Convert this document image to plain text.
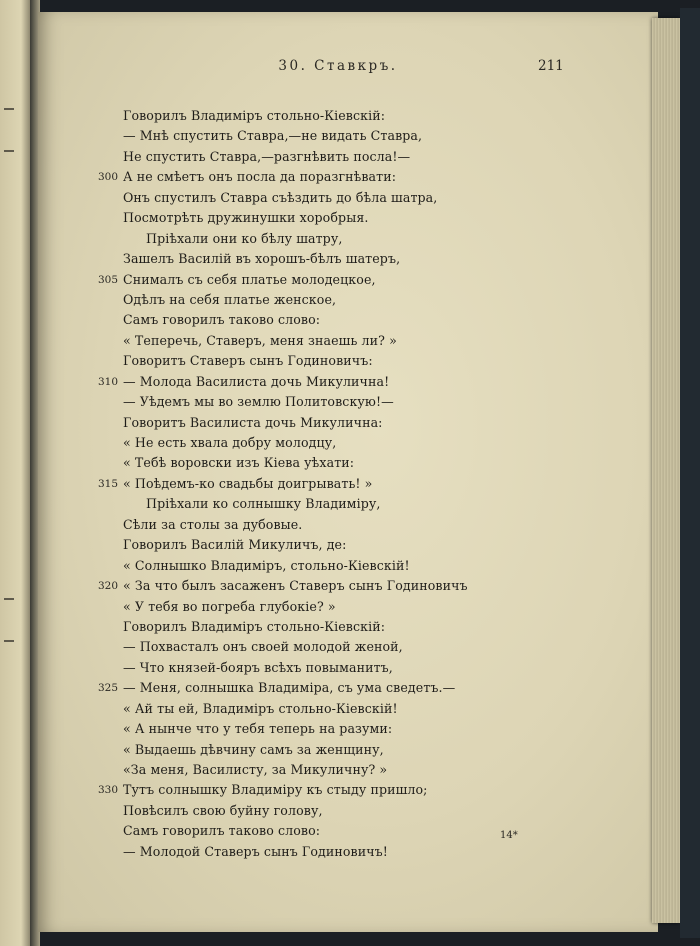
30. Ставкръ.	211
Говорилъ Владиміръ стольно-Кіевскій:
— Мнѣ спустить Ставра,—не видать Ставра,
Не спустить Ставра,—разгнѣвить посла!—
300 А не смѣетъ онъ посла да поразгнѣвати:
Онъ спустилъ Ставра съѣздить до бѣла шатра,
Посмотрѣть дружинушки хоробрыя.
Пріѣхали они ко бѣлу шатру,
Зашелъ Василій въ хорошъ-бѣлъ шатеръ,
305 Снималъ съ себя платье молодецкое,
Одѣлъ на себя платье женское,
Самъ говорилъ таково слово:
« Теперечь, Ставеръ, меня знаешь ли? »
Говоритъ Ставеръ сынъ Годиновичъ:
310 — Молода Василиста дочь Микулична!
— Уѣдемъ мы во землю Политовскую!—
Говоритъ Василиста дочь Микулична:
« Не есть хвала добру молодцу,
« Тебѣ воровски изъ Кіева уѣхати:
315 « Поѣдемъ-ко свадьбы доигрывать! »
Пріѣхали ко солнышку Владиміру,
Сѣли за столы за дубовые.
Говорилъ Василій Микуличъ, де:
« Солнышко Владиміръ, стольно-Кіевскій!
320 « За что былъ засаженъ Ставеръ сынъ Годиновичъ
« У тебя во погреба глубокіе? »
Говорилъ Владиміръ стольно-Кіевскій:
— Похвасталъ онъ своей молодой женой,
— Что князей-бояръ всѣхъ повыманитъ,
325 — Меня, солнышка Владиміра, съ ума сведетъ.—
« Ай ты ей, Владиміръ стольно-Кіевскій!
« А нынче что у тебя теперь на разуми:
« Выдаешь дѣвчину самъ за женщину,
«За меня, Василисту, за Микуличну? »
330 Тутъ солнышку Владиміру къ стыду пришло;
Повѣсилъ свою буйну голову,
Самъ говорилъ таково слово:
— Молодой Ставеръ сынъ Годиновичъ!
14*
